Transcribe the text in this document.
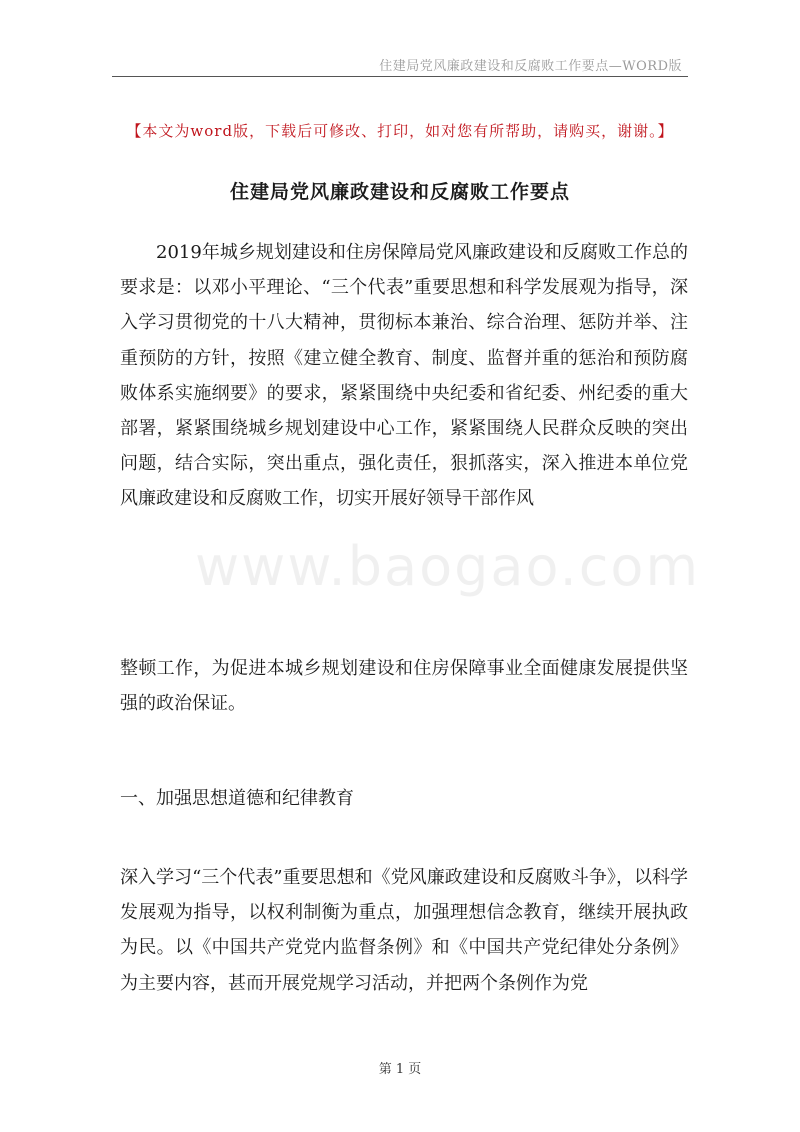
住建局党风廉政建设和反腐败工作要点—WORD版
【本文为word版，下载后可修改、打印，如对您有所帮助，请购买，谢谢。】
住建局党风廉政建设和反腐败工作要点
www.baogao.com

2019年城乡规划建设和住房保障局党风廉政建设和反腐败工作总的要求是：以邓小平理论、“三个代表”重要思想和科学发展观为指导，深入学习贯彻党的十八大精神，贯彻标本兼治、综合治理、惩防并举、注重预防的方针，按照《建立健全教育、制度、监督并重的惩治和预防腐败体系实施纲要》的要求，紧紧围绕中央纪委和省纪委、州纪委的重大部署，紧紧围绕城乡规划建设中心工作，紧紧围绕人民群众反映的突出问题，结合实际，突出重点，强化责任，狠抓落实，深入推进本单位党风廉政建设和反腐败工作，切实开展好领导干部作风

整顿工作，为促进本城乡规划建设和住房保障事业全面健康发展提供坚强的政治保证。

一、加强思想道德和纪律教育

深入学习“三个代表”重要思想和《党风廉政建设和反腐败斗争》，以科学发展观为指导，以权利制衡为重点，加强理想信念教育，继续开展执政为民。以《中国共产党党内监督条例》和《中国共产党纪律处分条例》为主要内容，甚而开展党规学习活动，并把两个条例作为党

第 1 页
